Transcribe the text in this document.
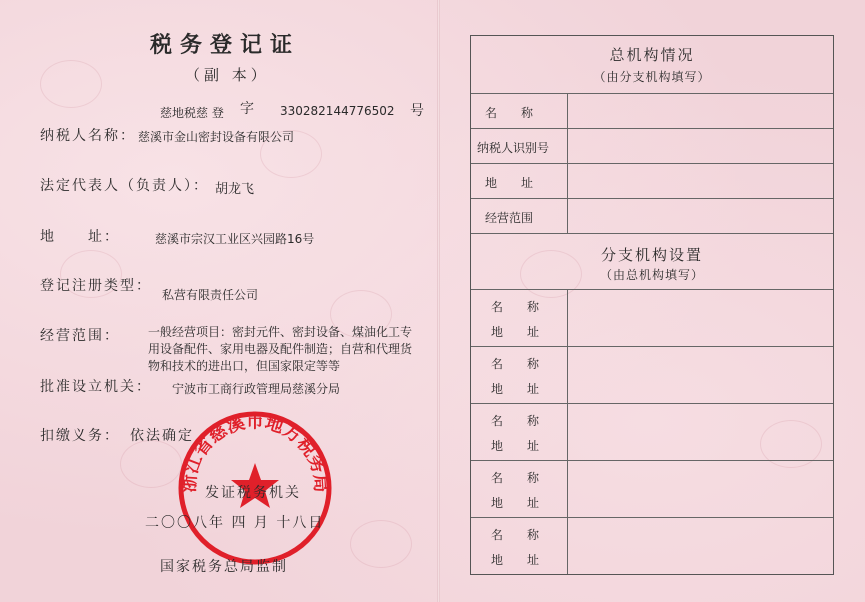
税务登记证
（副 本）
慈地税慈 登 字 330282144776502 号
纳税人名称： 慈溪市金山密封设备有限公司
法定代表人（负责人）： 胡龙飞
地　　址：	慈溪市宗汉工业区兴园路16号
登记注册类型：
私营有限责任公司
经营范围： 一般经营项目：密封元件、密封设备、煤油化工专用设备配件、家用电器及配件制造；自营和代理货物和技术的进出口，但国家限定等等
批准设立机关： 宁波市工商行政管理局慈溪分局
扣缴义务： 依法确定
浙江省慈溪市地方税务局
发证税务机关
二〇〇八年 四 月 十八日
国家税务总局监制
总机构情况
（由分支机构填写）
名　　称
纳税人识别号
地　　址
经营范围
分支机构设置
（由总机构填写）
名　　称
地　　址
名　　称
地　　址
名　　称
地　　址
名　　称
地　　址
名　　称
地　　址
